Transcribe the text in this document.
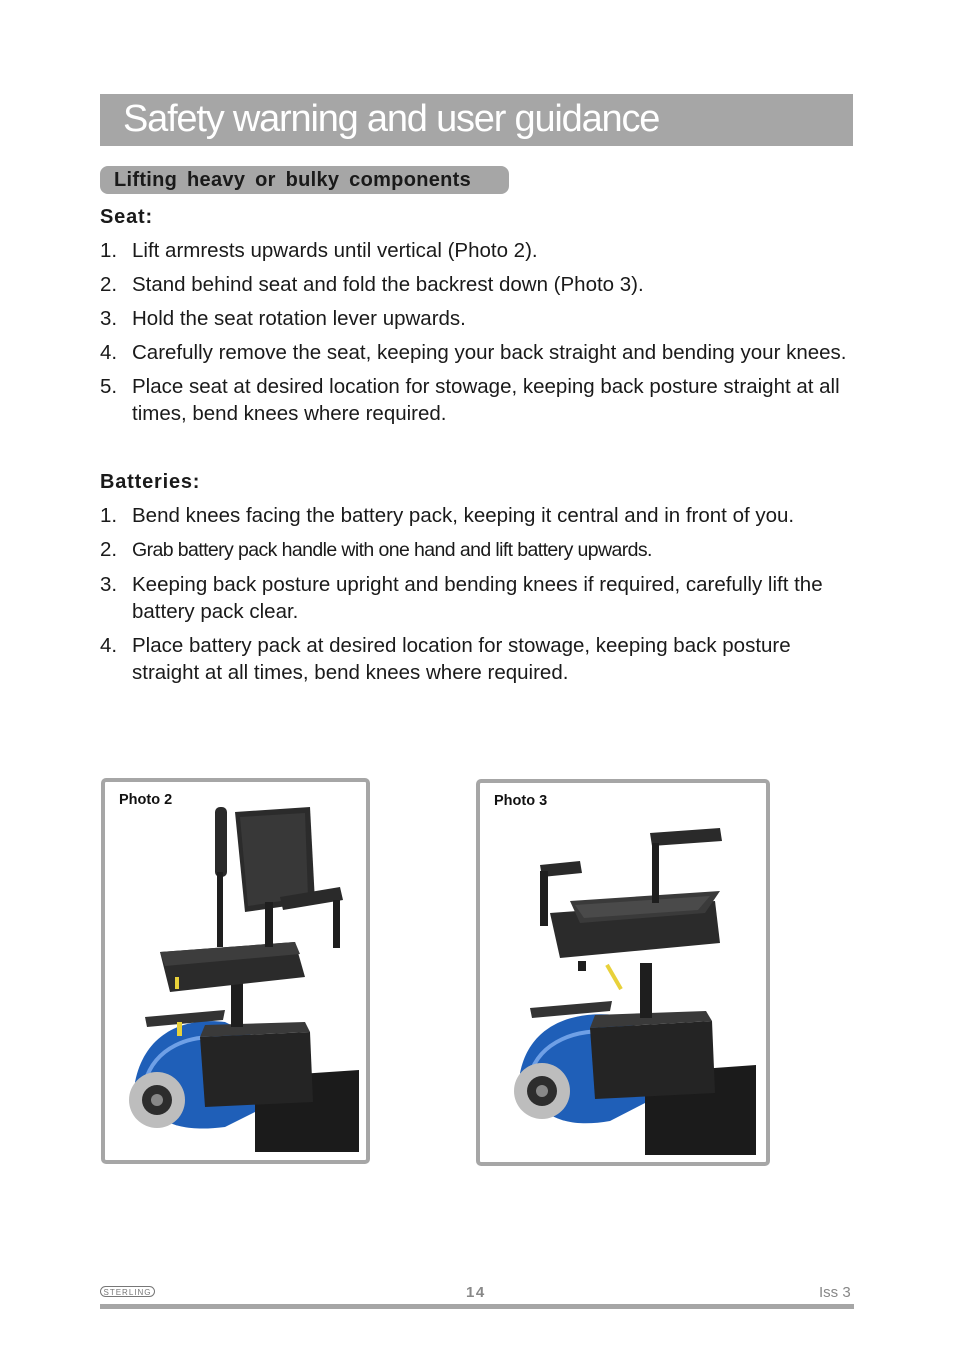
Safety warning and user guidance
Lifting heavy or bulky components
Seat:
1. Lift armrests upwards until vertical (Photo 2).
2. Stand behind seat and fold the backrest down (Photo 3).
3. Hold the seat rotation lever upwards.
4. Carefully remove the seat, keeping your back straight and bending your knees.
5. Place seat at desired location for stowage, keeping back posture straight at all times, bend knees where required.
Batteries:
1. Bend knees facing the battery pack, keeping it central and in front of you.
2. Grab battery pack handle with one hand and lift battery upwards.
3. Keeping back posture upright and bending knees if required, carefully lift the battery pack clear.
4. Place battery pack at desired location for stowage, keeping back posture straight at all times, bend knees where required.
Photo 2	Photo 3
STERLING	14	Iss 3
